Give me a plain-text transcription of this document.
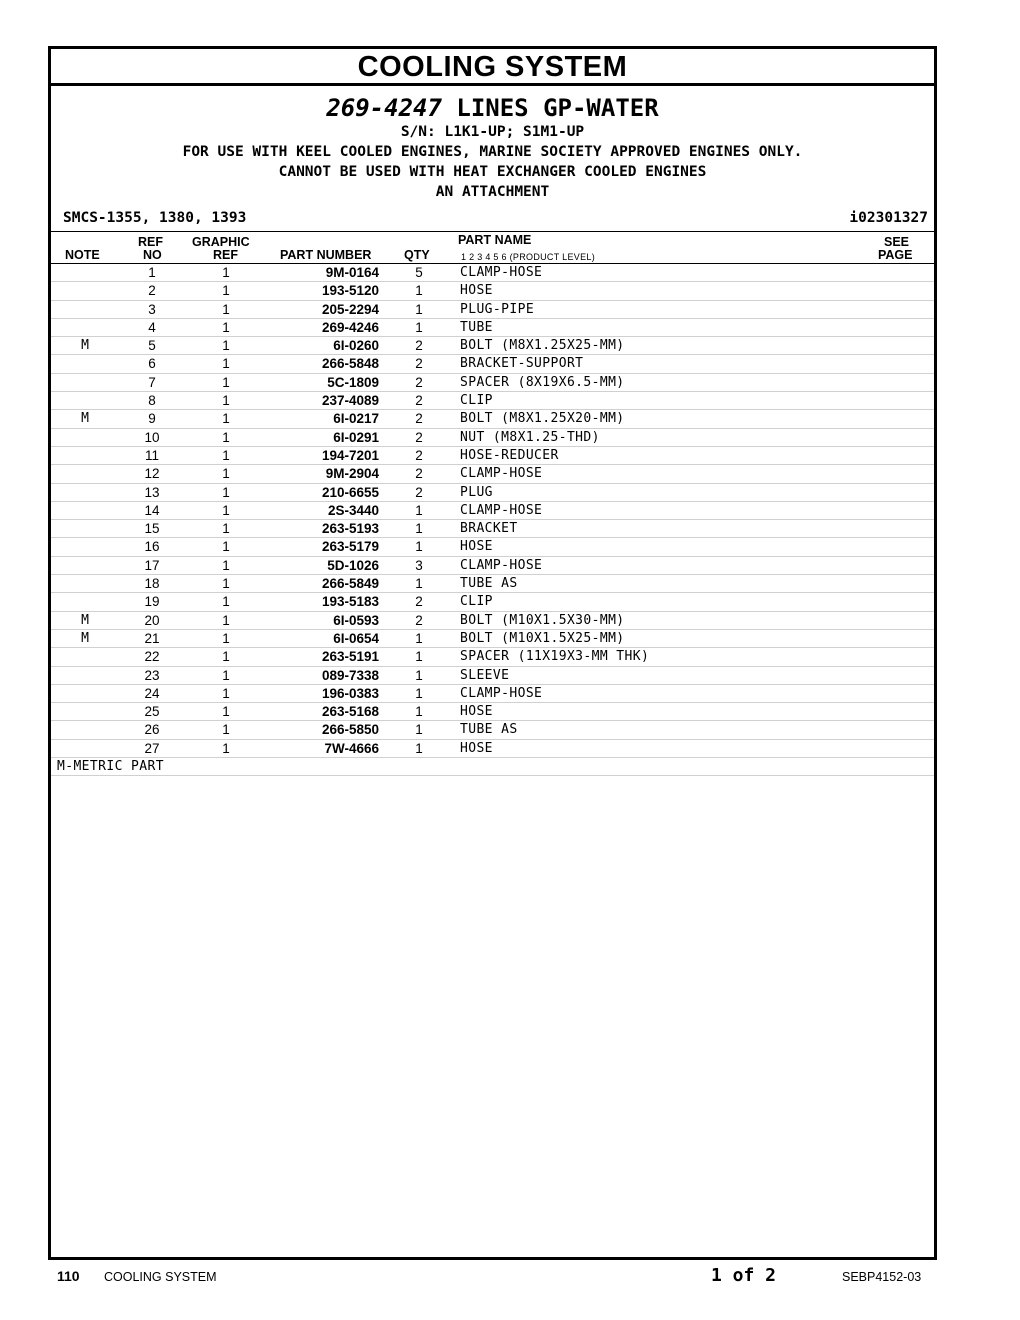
COOLING SYSTEM
269-4247 LINES GP-WATER
S/N: L1K1-UP; S1M1-UP
FOR USE WITH KEEL COOLED ENGINES, MARINE SOCIETY APPROVED ENGINES ONLY.
CANNOT BE USED WITH HEAT EXCHANGER COOLED ENGINES
AN ATTACHMENT
SMCS-1355, 1380, 1393	i02301327
NOTE
REF
NO
GRAPHIC
REF	PART NUMBER	QTY
PART NAME
1 2 3 4 5 6 (PRODUCT LEVEL)
SEE
PAGE
1	1	9M-0164	5	CLAMP-HOSE
2	1	193-5120	1	HOSE
3	1	205-2294	1	PLUG-PIPE
4	1	269-4246	1	TUBE
M	5	1	6I-0260	2	BOLT (M8X1.25X25-MM)
6	1	266-5848	2	BRACKET-SUPPORT
7	1	5C-1809	2	SPACER (8X19X6.5-MM)
8	1	237-4089	2	CLIP
M	9	1	6I-0217	2	BOLT (M8X1.25X20-MM)
10	1	6I-0291	2	NUT (M8X1.25-THD)
11	1	194-7201	2	HOSE-REDUCER
12	1	9M-2904	2	CLAMP-HOSE
13	1	210-6655	2	PLUG
14	1	2S-3440	1	CLAMP-HOSE
15	1	263-5193	1	BRACKET
16	1	263-5179	1	HOSE
17	1	5D-1026	3	CLAMP-HOSE
18	1	266-5849	1	TUBE AS
19	1	193-5183	2	CLIP
M	20	1	6I-0593	2	BOLT (M10X1.5X30-MM)
M	21	1	6I-0654	1	BOLT (M10X1.5X25-MM)
22	1	263-5191	1	SPACER (11X19X3-MM THK)
23	1	089-7338	1	SLEEVE
24	1	196-0383	1	CLAMP-HOSE
25	1	263-5168	1	HOSE
26	1	266-5850	1	TUBE AS
27	1	7W-4666	1	HOSE
M-METRIC PART
110 COOLING SYSTEM	1 of 2	SEBP4152-03
